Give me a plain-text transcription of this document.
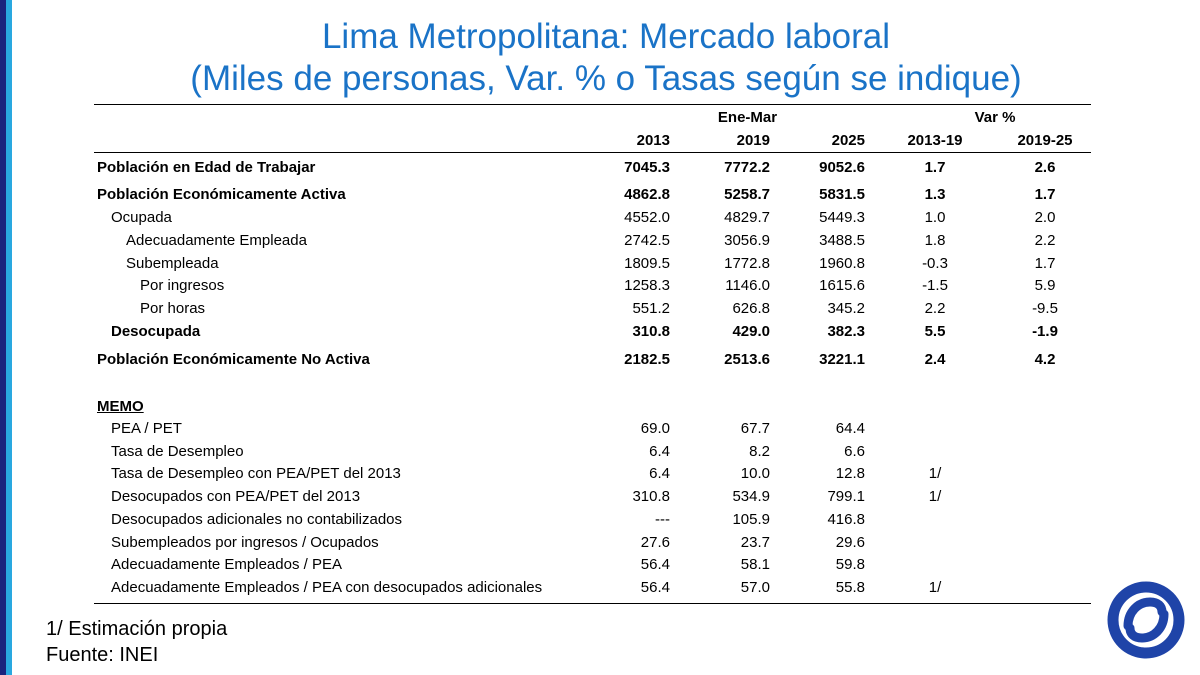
Lima Metropolitana: Mercado laboral
(Miles de personas, Var. % o Tasas según se indique)
Ene-Mar	Var %
2013	2019	2025	2013-19	2019-25
Población en Edad de Trabajar	7045.3	7772.2	9052.6	1.7	2.6
Población Económicamente Activa	4862.8	5258.7	5831.5	1.3	1.7
Ocupada	4552.0	4829.7	5449.3	1.0	2.0
Adecuadamente Empleada	2742.5	3056.9	3488.5	1.8	2.2
Subempleada	1809.5	1772.8	1960.8	-0.3	1.7
Por ingresos	1258.3	1146.0	1615.6	-1.5	5.9
Por horas	551.2	626.8	345.2	2.2	-9.5
Desocupada	310.8	429.0	382.3	5.5	-1.9
Población Económicamente No Activa	2182.5	2513.6	3221.1	2.4	4.2
MEMO
PEA / PET	69.0	67.7	64.4
Tasa de Desempleo	6.4	8.2	6.6
Tasa de Desempleo con PEA/PET del 2013	6.4	10.0	12.8	1/
Desocupados con PEA/PET del 2013	310.8	534.9	799.1	1/
Desocupados adicionales no contabilizados	---	105.9	416.8
Subempleados por ingresos / Ocupados	27.6	23.7	29.6
Adecuadamente Empleados / PEA	56.4	58.1	59.8
Adecuadamente Empleados / PEA con desocupados adicionales	56.4	57.0	55.8	1/
1/ Estimación propia
Fuente: INEI
